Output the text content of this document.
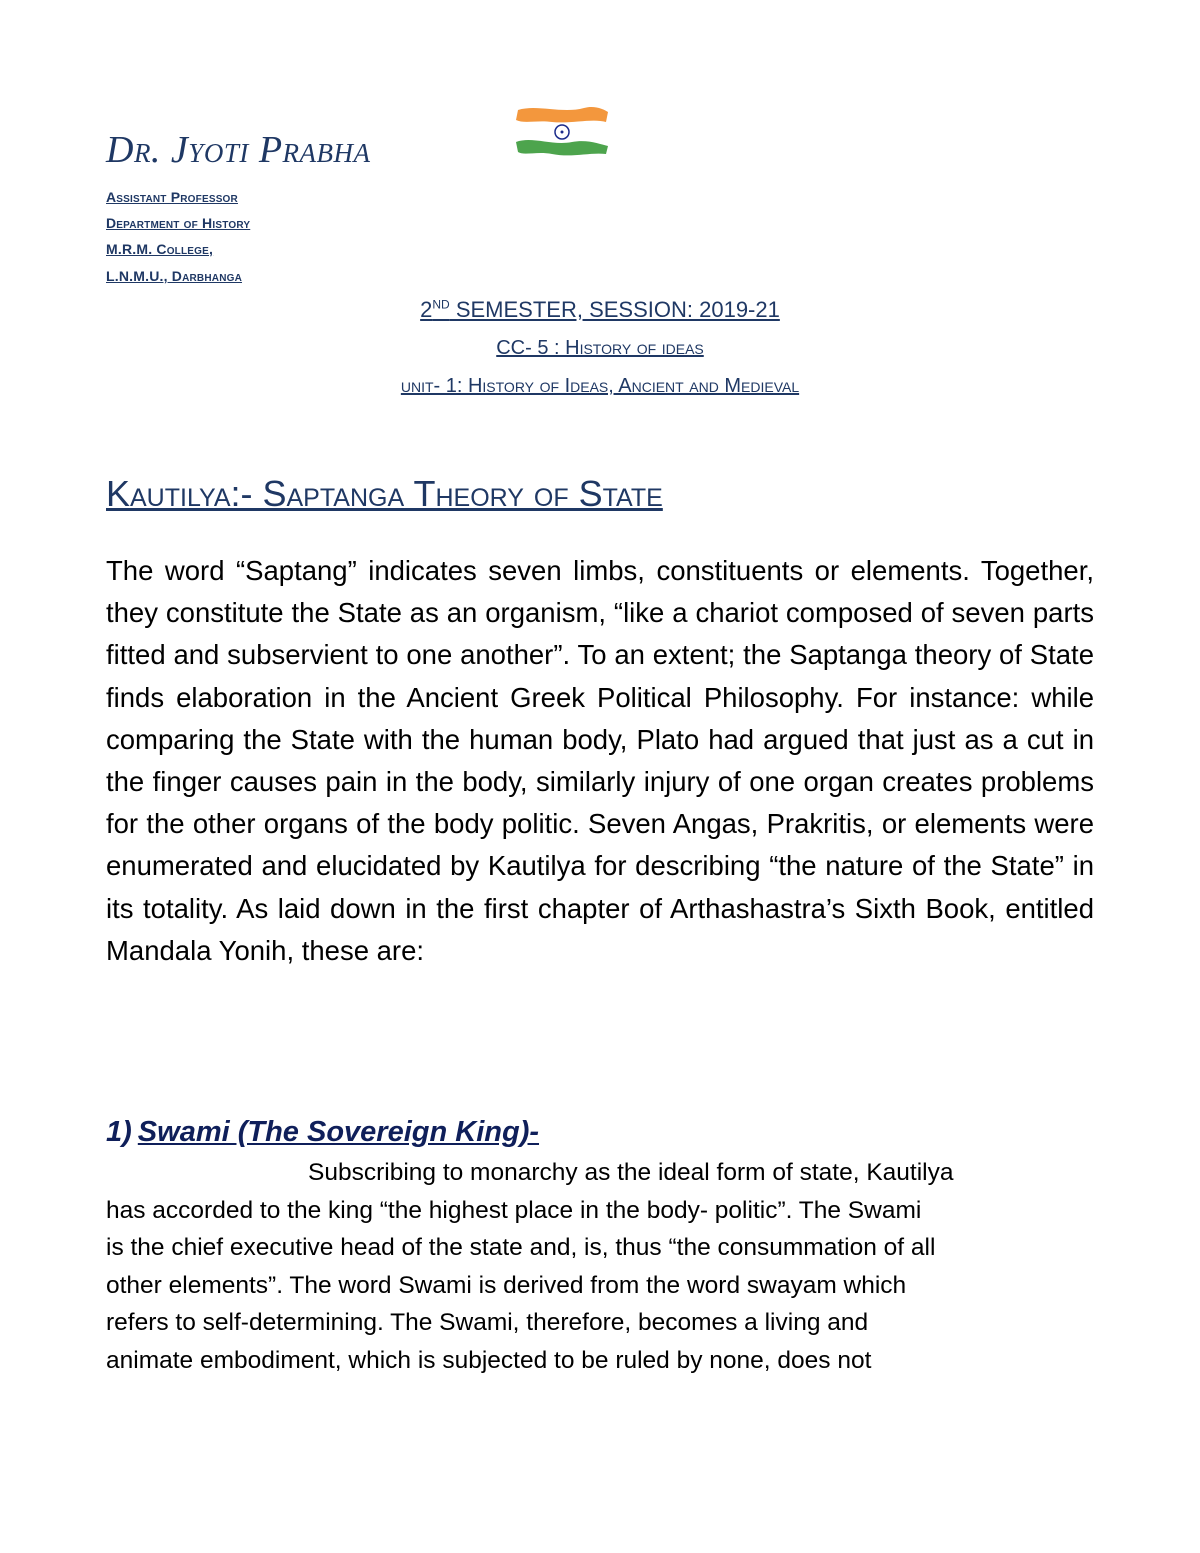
Dr. Jyoti Prabha
Assistant Professor
Department of History
M.R.M. College,
L.N.M.U., Darbhanga
2ND SEMESTER, SESSION: 2019-21
CC- 5 : History of ideas
unit- 1: History of Ideas, Ancient and Medieval
Kautilya:- Saptanga Theory of State

The word “Saptang” indicates seven limbs, constituents or elements. Together, they constitute the State as an organism, “like a chariot composed of seven parts fitted and subservient to one another”. To an extent; the Saptanga theory of State finds elaboration in the Ancient Greek Political Philosophy. For instance: while comparing the State with the human body, Plato had argued that just as a cut in the finger causes pain in the body, similarly injury of one organ creates problems for the other organs of the body politic. Seven Angas, Prakritis, or elements were enumerated and elucidated by Kautilya for describing “the nature of the State” in its totality. As laid down in the first chapter of Arthashastra’s Sixth Book, entitled Mandala Yonih, these are:

1) Swami (The Sovereign King)-
Subscribing to monarchy as the ideal form of state, Kautilya
has accorded to the king “the highest place in the body- politic”. The Swami
is the chief executive head of the state and, is, thus “the consummation of all
other elements”. The word Swami is derived from the word swayam which
refers to self-determining. The Swami, therefore, becomes a living and
animate embodiment, which is subjected to be ruled by none, does not
